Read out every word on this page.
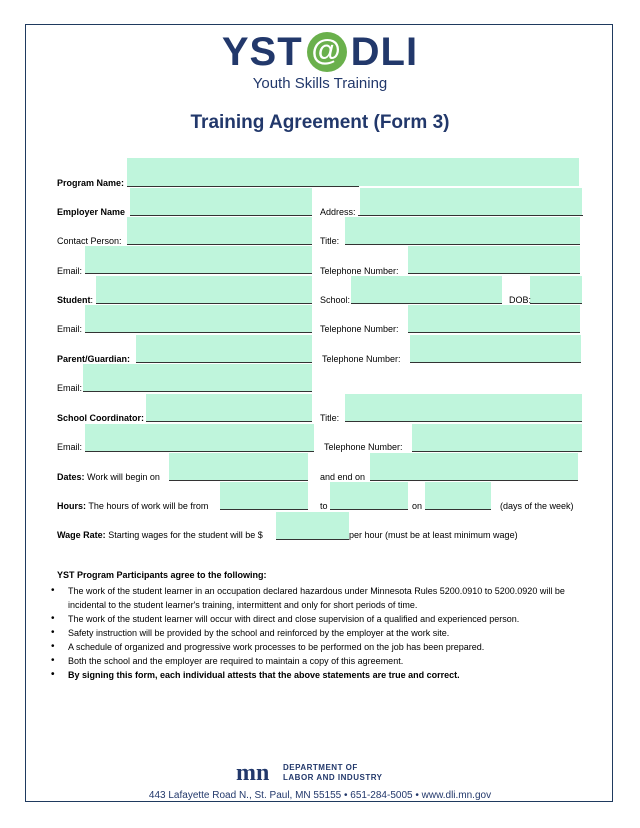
YST @ DLI
Youth Skills Training
Training Agreement (Form 3)
Program Name:
Employer Name	Address:
Contact Person:	Title:
Email:	Telephone Number:
Student:	School:	DOB:
Email:	Telephone Number:
Parent/Guardian:	Telephone Number:
Email:
School Coordinator:	Title:
Email:	Telephone Number:
Dates: Work will begin on	and end on
Hours: The hours of work will be from	to	on	(days of the week)
Wage Rate: Starting wages for the student will be $	per hour (must be at least minimum wage)
YST Program Participants agree to the following:
• The work of the student learner in an occupation declared hazardous under Minnesota Rules 5200.0910 to 5200.0920 will be incidental to the student learner's training, intermittent and only for short periods of time.
• The work of the student learner will occur with direct and close supervision of a qualified and experienced person.
• Safety instruction will be provided by the school and reinforced by the employer at the work site.
• A schedule of organized and progressive work processes to be performed on the job has been prepared.
• Both the school and the employer are required to maintain a copy of this agreement.
• By signing this form, each individual attests that the above statements are true and correct.
mn DEPARTMENT OF
LABOR AND INDUSTRY
443 Lafayette Road N., St. Paul, MN 55155 • 651-284-5005 • www.dli.mn.gov
